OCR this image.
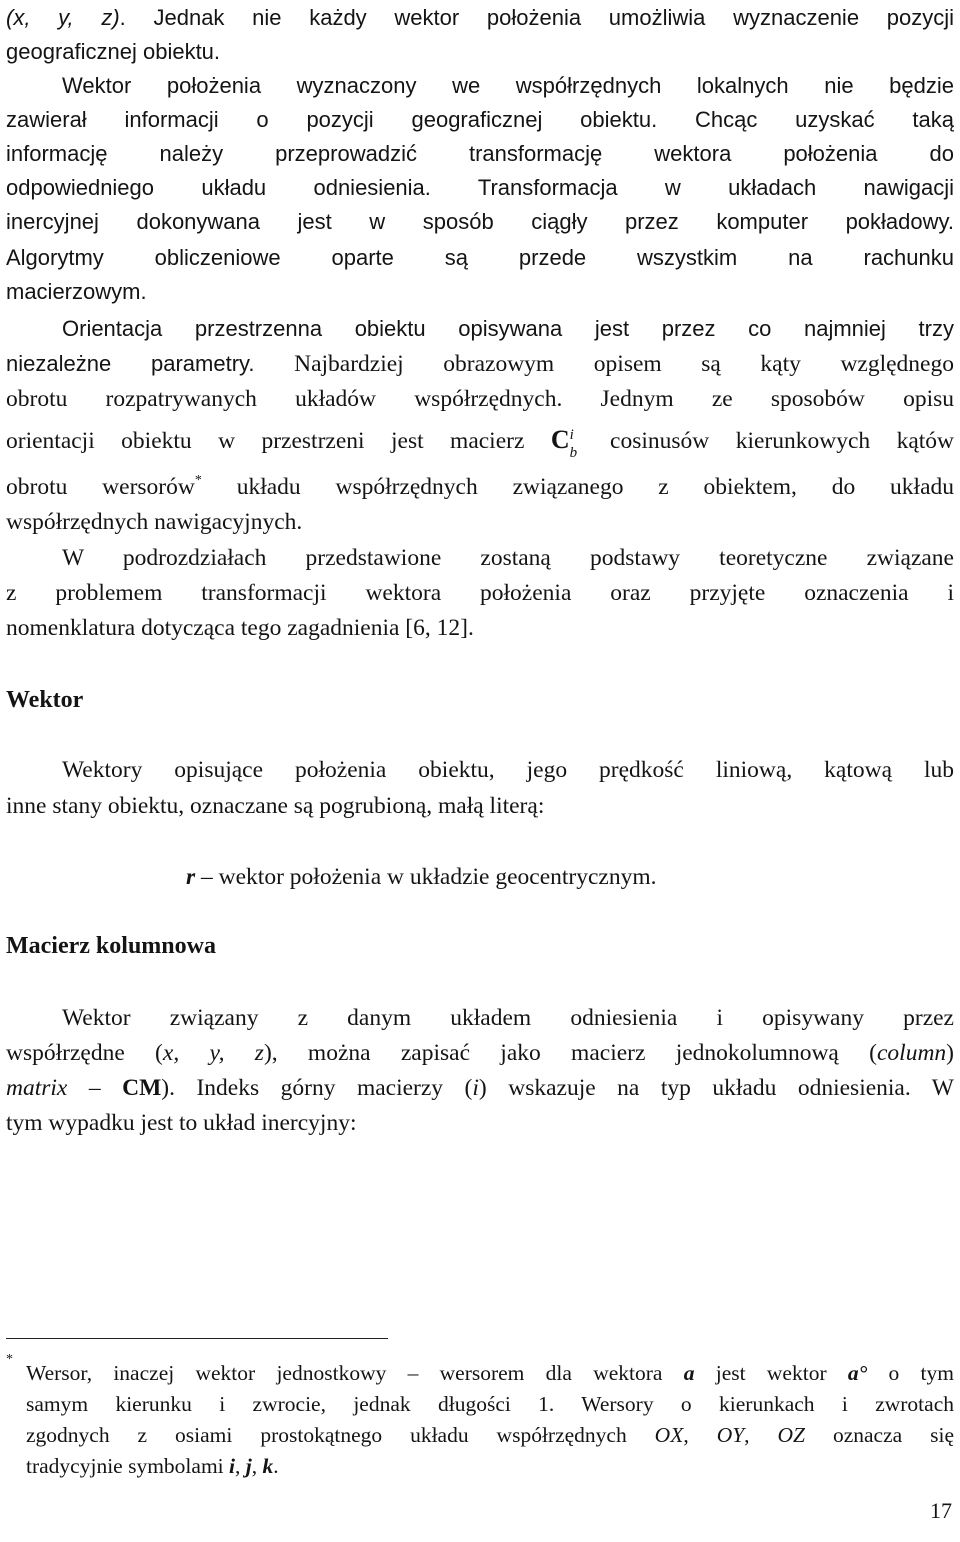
(x, y, z). Jednak nie każdy wektor położenia umożliwia wyznaczenie pozycji
geograficznej obiektu.
Wektor położenia wyznaczony we współrzędnych lokalnych nie będzie
zawierał informacji o pozycji geograficznej obiektu. Chcąc uzyskać taką
informację należy przeprowadzić transformację wektora położenia do
odpowiedniego układu odniesienia. Transformacja w układach nawigacji
inercyjnej dokonywana jest w sposób ciągły przez komputer pokładowy.
Algorytmy obliczeniowe oparte są przede wszystkim na rachunku
macierzowym.
Orientacja przestrzenna obiektu opisywana jest przez co najmniej trzy
niezależne parametry. Najbardziej obrazowym opisem są kąty względnego
obrotu rozpatrywanych układów współrzędnych. Jednym ze sposobów opisu
orientacji obiektu w przestrzeni jest macierz C i
b cosinusów kierunkowych kątów
obrotu wersorów* układu współrzędnych związanego z obiektem, do układu
współrzędnych nawigacyjnych.
W podrozdziałach przedstawione zostaną podstawy teoretyczne związane
z problemem transformacji wektora położenia oraz przyjęte oznaczenia i
nomenklatura dotycząca tego zagadnienia [6, 12].
Wektor
Wektory opisujące położenia obiektu, jego prędkość liniową, kątową lub
inne stany obiektu, oznaczane są pogrubioną, małą literą:
r – wektor położenia w układzie geocentrycznym.
Macierz kolumnowa
Wektor związany z danym układem odniesienia i opisywany przez
współrzędne (x, y, z), można zapisać jako macierz jednokolumnową (column)
matrix – CM). Indeks górny macierzy (i) wskazuje na typ układu odniesienia. W
tym wypadku jest to układ inercyjny:
*
Wersor, inaczej wektor jednostkowy – wersorem dla wektora a jest wektor a° o tym
samym kierunku i zwrocie, jednak długości 1. Wersory o kierunkach i zwrotach
zgodnych z osiami prostokątnego układu współrzędnych OX, OY, OZ oznacza się
tradycyjnie symbolami i, j, k.
17
